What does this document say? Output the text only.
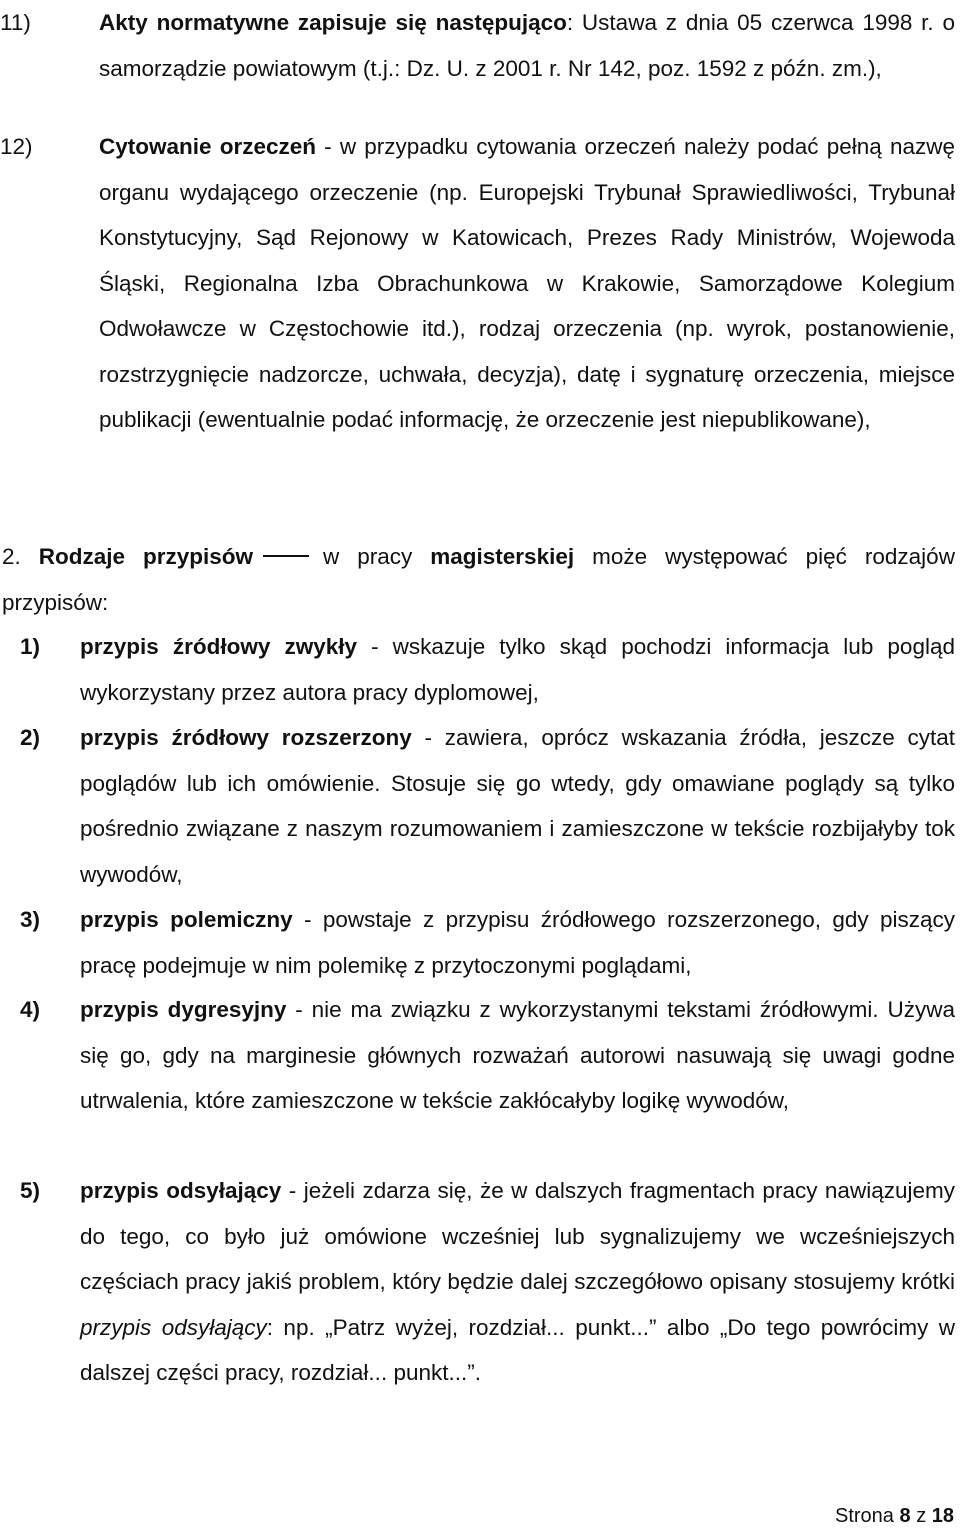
11)	Akty normatywne zapisuje się następująco: Ustawa z dnia 05 czerwca 1998 r. o samorządzie powiatowym (t.j.: Dz. U. z 2001 r. Nr 142, poz. 1592 z późn. zm.),
12)	Cytowanie orzeczeń - w przypadku cytowania orzeczeń należy podać pełną nazwę organu wydającego orzeczenie (np. Europejski Trybunał Sprawiedliwości, Trybunał Konstytucyjny, Sąd Rejonowy w Katowicach, Prezes Rady Ministrów, Wojewoda Śląski, Regionalna Izba Obrachunkowa w Krakowie, Samorządowe Kolegium Odwoławcze w Częstochowie itd.), rodzaj orzeczenia (np. wyrok, postanowienie, rozstrzygnięcie nadzorcze, uchwała, decyzja), datę i sygnaturę orzeczenia, miejsce publikacji (ewentualnie podać informację, że orzeczenie jest niepublikowane),
2. Rodzaje przypisów	w pracy magisterskiej może występować pięć rodzajów przypisów:
1) przypis źródłowy zwykły - wskazuje tylko skąd pochodzi informacja lub pogląd wykorzystany przez autora pracy dyplomowej,
2) przypis źródłowy rozszerzony - zawiera, oprócz wskazania źródła, jeszcze cytat poglądów lub ich omówienie. Stosuje się go wtedy, gdy omawiane poglądy są tylko pośrednio związane z naszym rozumowaniem i zamieszczone w tekście rozbijałyby tok wywodów,
3) przypis polemiczny - powstaje z przypisu źródłowego rozszerzonego, gdy piszący pracę podejmuje w nim polemikę z przytoczonymi poglądami,
4) przypis dygresyjny - nie ma związku z wykorzystanymi tekstami źródłowymi. Używa się go, gdy na marginesie głównych rozważań autorowi nasuwają się uwagi godne utrwalenia, które zamieszczone w tekście zakłócałyby logikę wywodów,
5) przypis odsyłający - jeżeli zdarza się, że w dalszych fragmentach pracy nawiązujemy do tego, co było już omówione wcześniej lub sygnalizujemy we wcześniejszych częściach pracy jakiś problem, który będzie dalej szczegółowo opisany stosujemy krótki przypis odsyłający: np. „Patrz wyżej, rozdział... punkt...” albo „Do tego powrócimy w dalszej części pracy, rozdział... punkt...”.
Strona 8 z 18
